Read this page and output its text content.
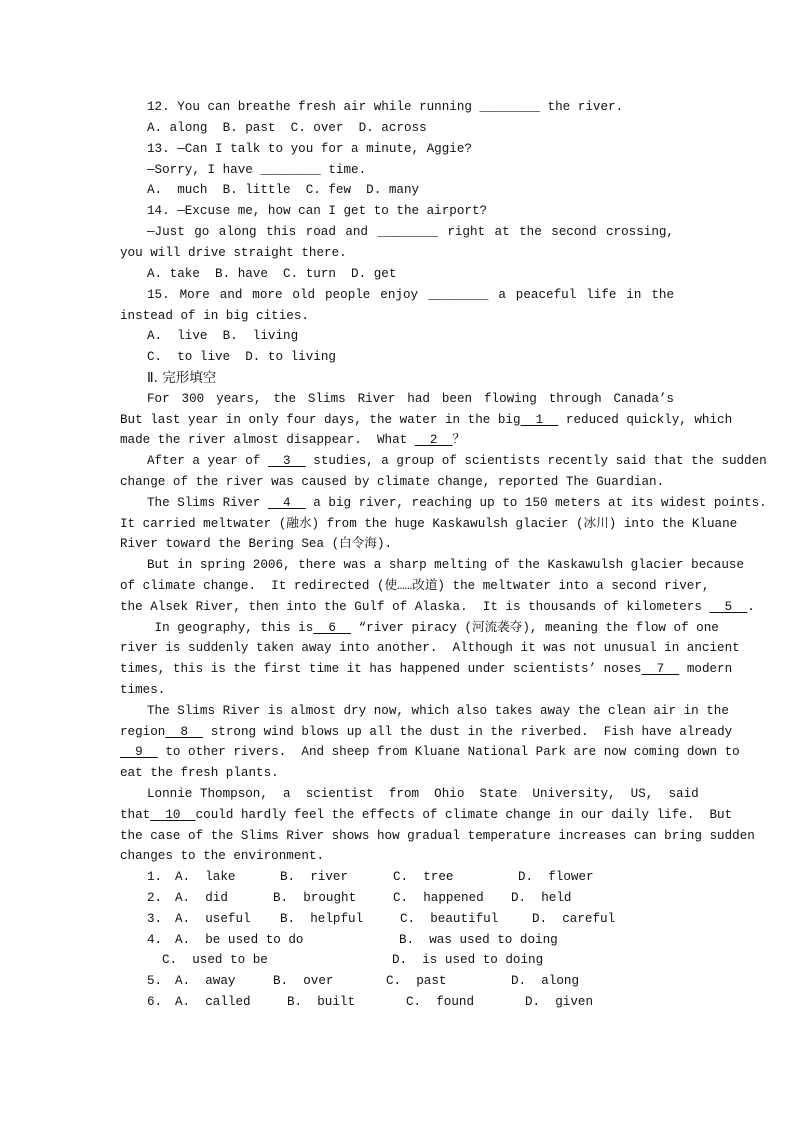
12. You can breathe fresh air while running ________ the river.
A. along  B. past  C. over  D. across
13. —Can I talk to you for a minute, Aggie?
—Sorry, I have ________ time.
A.  much  B. little  C. few  D. many
14. —Excuse me, how can I get to the airport?
—Just go along this road and ________ right at the second crossing,
you will drive straight there.
A. take  B. have  C. turn  D. get
15. More and more old people enjoy ________ a peaceful life in the
instead of in big cities.
A.  live  B.  living
C.  to live  D. to living
Ⅱ. 完形填空
For 300 years, the Slims River had been flowing through Canada’s
But last year in only four days, the water in the big  1   reduced quickly, which
made the river almost disappear.  What   2  ？
After a year of   3   studies, a group of scientists recently said that the sudden
change of the river was caused by climate change, reported The Guardian.
The Slims River   4   a big river, reaching up to 150 meters at its widest points.
It carried meltwater (融水) from the huge Kaskawulsh glacier (冰川) into the Kluane
River toward the Bering Sea (白令海).
But in spring 2006, there was a sharp melting of the Kaskawulsh glacier because
of climate change.  It redirected (使……改道) the meltwater into a second river,
the Alsek River, then into the Gulf of Alaska.  It is thousands of kilometers   5  .
In geography, this is  6   “river piracy (河流袭夺), meaning the flow of one
river is suddenly taken away into another.  Although it was not unusual in ancient
times, this is the first time it has happened under scientists’ noses  7   modern
times.
The Slims River is almost dry now, which also takes away the clean air in the
region  8   strong wind blows up all the dust in the riverbed.  Fish have already
9   to other rivers.  And sheep from Kluane National Park are now coming down to
eat the fresh plants.
Lonnie Thompson,  a  scientist  from  Ohio  State  University,  US,  said
that  10  could hardly feel the effects of climate change in our daily life.  But
the case of the Slims River shows how gradual temperature increases can bring sudden
changes to the environment.
1. A.  lake	B.  river	C.  tree	D.  flower
2. A.  did	B.  brought	C.  happened D.  held
3. A.  useful B.  helpful	C.  beautiful	D.  careful
4. A.  be used to do	B.  was used to doing
C.  used to be	D.  is used to doing
5. A.  away	B.  over	C.  past	D.  along
6. A.  called	B.  built	C.  found	D.  given
